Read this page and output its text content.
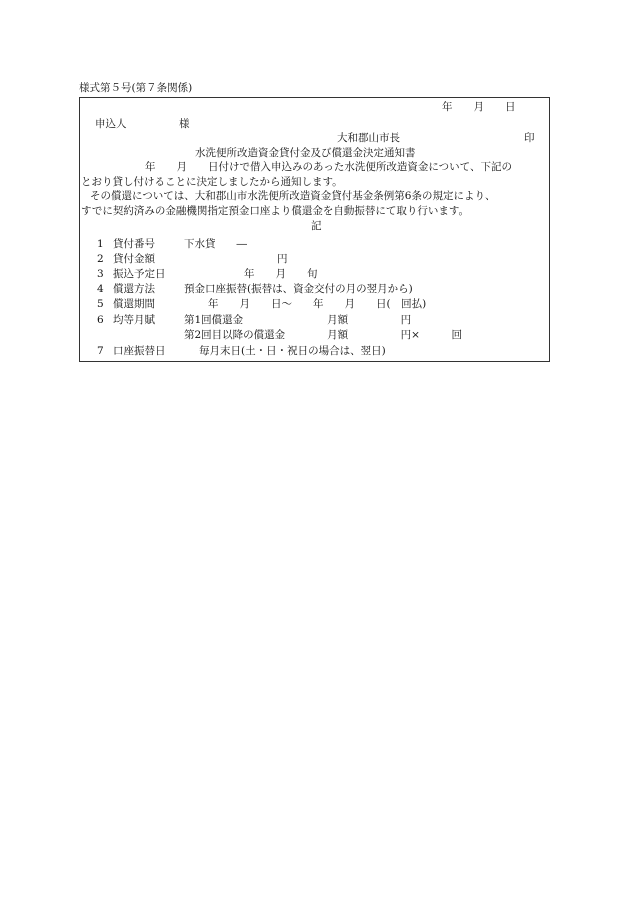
様式第５号(第７条関係)
年　　月　　日
申込人　　　　　様
大和郡山市長	印
水洗便所改造資金貸付金及び償還金決定通知書
年　　月　　日付けで借入申込みのあった水洗便所改造資金について、下記の
とおり貸し付けることに決定しましたから通知します。
その償還については、大和郡山市水洗便所改造資金貸付基金条例第6条の規定により、
すでに契約済みの金融機関指定預金口座より償還金を自動振替にて取り行います。
記
1 貸付番号	下水貸　　―
2 貸付金額	円
3 振込予定日	年　　月　　旬
4 償還方法	預金口座振替(振替は、資金交付の月の翌月から)
5 償還期間	年　　月　　日～　　年　　月　　日(　回払)
6 均等月賦	第1回償還金　　　　　　　　月額　　　　　円
第2回目以降の償還金　　　　月額　　　　　円×　　　回
7 口座振替日	毎月末日(土・日・祝日の場合は、翌日)
